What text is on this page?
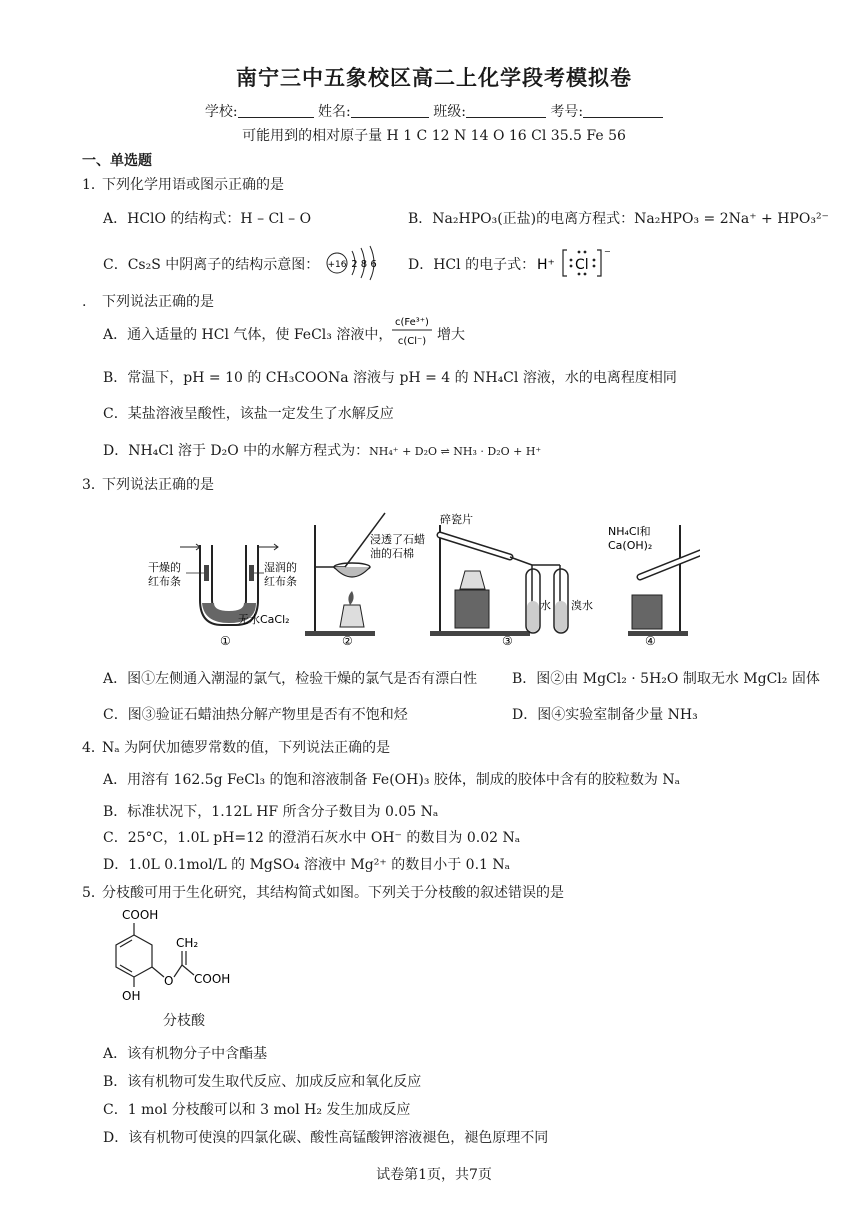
南宁三中五象校区高二上化学段考模拟卷
学校:	姓名:	班级:	考号:
可能用到的相对原子量 H 1 C 12 N 14 O 16 Cl 35.5 Fe 56
一、单选题
1．下列化学用语或图示正确的是
A．HClO 的结构式：H – Cl – O	B．Na₂HPO₃(正盐)的电离方程式：Na₂HPO₃ = 2Na⁺ + HPO₃²⁻
C．Cs₂S 中阴离子的结构示意图： +16 2 8 6 D．HCl 的电子式： H⁺ Cl
⁻
. 下列说法正确的是
A．通入适量的 HCl 气体，使 FeCl₃ 溶液中，
c(Fe³⁺)
c(Cl⁻) 增大
B．常温下，pH = 10 的 CH₃COONa 溶液与 pH = 4 的 NH₄Cl 溶液，水的电离程度相同
C．某盐溶液呈酸性，该盐一定发生了水解反应
D．NH₄Cl 溶于 D₂O 中的水解方程式为：NH₄⁺ + D₂O ⇌ NH₃ · D₂O + H⁺
3．下列说法正确的是
干燥的
红布条
湿润的
红布条
无水CaCl₂
①	②
碎瓷片
浸透了石蜡
油的石棉
水 溴水
③
NH₄Cl和
Ca(OH)₂
④
A．图①左侧通入潮湿的氯气，检验干燥的氯气是否有漂白性 B．图②由 MgCl₂ · 5H₂O 制取无水 MgCl₂ 固体
C．图③验证石蜡油热分解产物里是否有不饱和烃	D．图④实验室制备少量 NH₃
4．Nₐ 为阿伏加德罗常数的值，下列说法正确的是
A．用溶有 162.5g FeCl₃ 的饱和溶液制备 Fe(OH)₃ 胶体，制成的胶体中含有的胶粒数为 Nₐ
B．标准状况下，1.12L HF 所含分子数目为 0.05 Nₐ
C．25°C，1.0L pH=12 的澄消石灰水中 OH⁻ 的数目为 0.02 Nₐ
D．1.0L 0.1mol/L 的 MgSO₄ 溶液中 Mg²⁺ 的数目小于 0.1 Nₐ
5．分枝酸可用于生化研究，其结构简式如图。下列关于分枝酸的叙述错误的是
COOH
OH
O
CH₂
COOH
分枝酸
A．该有机物分子中含酯基
B．该有机物可发生取代反应、加成反应和氧化反应
C．1 mol 分枝酸可以和 3 mol H₂ 发生加成反应
D．该有机物可使溴的四氯化碳、酸性高锰酸钾溶液褪色，褪色原理不同
试卷第1页，共7页
